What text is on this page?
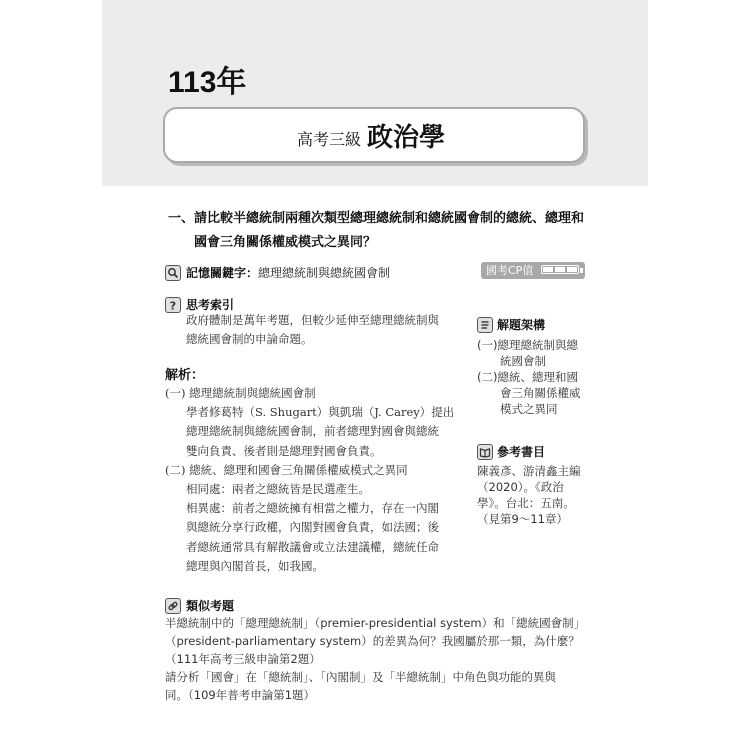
113年
高考三級 政治學
一、 請比較半總統制兩種次類型總理總統制和總統國會制的總統、總理和國會三角關係權威模式之異同？
記憶關鍵字：總理總統制與總統國會制	國考CP值
? 思考索引
政府體制是萬年考題，但較少延伸至總理總統制與
總統國會制的申論命題。
解析：
(一) 總理總統制與總統國會制
學者修葛特（S. Shugart）與凱瑞（J. Carey）提出
總理總統制與總統國會制，前者總理對國會與總統
雙向負責、後者則是總理對國會負責。
(二) 總統、總理和國會三角關係權威模式之異同
相同處：兩者之總統皆是民選產生。
相異處：前者之總統擁有相當之權力，存在一內閣
與總統分享行政權，內閣對國會負責，如法國；後
者總統通常具有解散議會或立法建議權，總統任命
總理與內閣首長，如我國。
解題架構
(一)總理總統制與總
　　統國會制
(二)總統、總理和國
　　會三角關係權威
　　模式之異同
參考書目
陳義彥、游清鑫主編
（2020）。《政治
學》。台北：五南。
（見第9～11章）
類似考題
半總統制中的「總理總統制」（premier-presidential system）和「總統國會制」
（president-parliamentary system）的差異為何？我國屬於那一類，為什麼？
（111年高考三級申論第2題）
請分析「國會」在「總統制」、「內閣制」及「半總統制」中角色與功能的異與
同。（109年普考申論第1題）
